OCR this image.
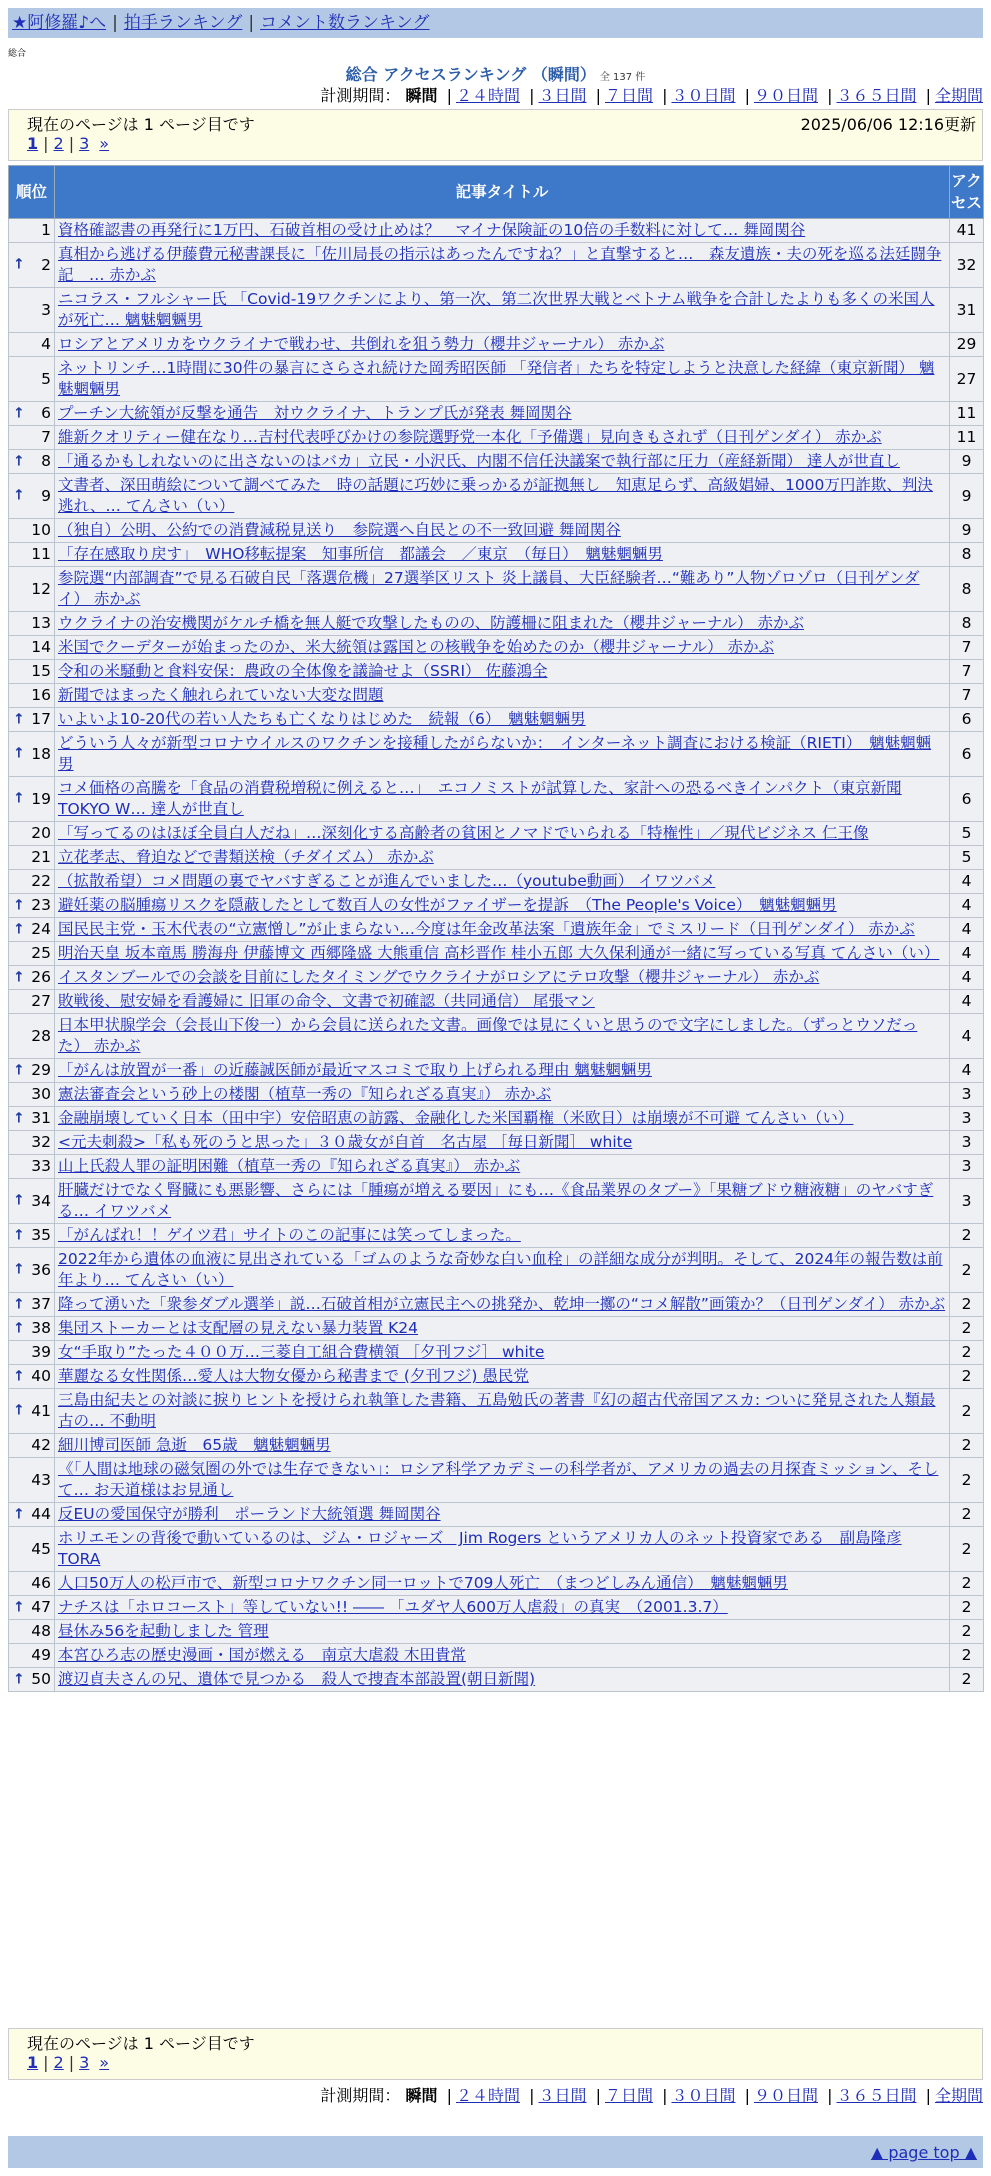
★阿修羅♪へ | 拍手ランキング | コメント数ランキング
総合
総合 アクセスランキング （瞬間） 全 137 件
計測期間： 瞬間 | ２４時間 | ３日間 | ７日間 | ３０日間 | ９０日間 | ３６５日間 | 全期間
現在のページは 1 ページ目です	2025/06/06 12:16更新
1 | 2 | 3 »
順位	記事タイトル	アクセス
1	資格確認書の再発行に1万円、石破首相の受け止めは？　マイナ保険証の10倍の手数料に対して… 舞岡関谷	41

↑ 2	真相から逃げる伊藤費元秘書課長に「佐川局長の指示はあったんですね？」と直撃すると…　森友遺族・夫の死を巡る法廷闘争記　… 赤かぶ	32
3	ニコラス・フルシャー氏 「Covid-19ワクチンにより、第一次、第二次世界大戦とベトナム戦争を合計したよりも多くの米国人が死亡… 魑魅魍魎男	31
4	ロシアとアメリカをウクライナで戦わせ、共倒れを狙う勢力（櫻井ジャーナル） 赤かぶ	29
5	ネットリンチ…1時間に30件の暴言にさらされ続けた岡秀昭医師 「発信者」たちを特定しようと決意した経緯（東京新聞） 魑魅魍魎男	27

↑ 6	プーチン大統領が反撃を通告　対ウクライナ、トランプ氏が発表 舞岡関谷	11
7	維新クオリティー健在なり…吉村代表呼びかけの参院選野党一本化「予備選」見向きもされず（日刊ゲンダイ） 赤かぶ	11

↑ 8	「通るかもしれないのに出さないのはバカ」立民・小沢氏、内閣不信任決議案で執行部に圧力（産経新聞） 達人が世直し	9

↑ 9	文書者、深田萌絵について調べてみた　時の話題に巧妙に乗っかるが証拠無し　知恵足らず、高級娼婦、1000万円詐欺、判決逃れ、… てんさい（い）	9
10	（独自）公明、公約での消費減税見送り　参院選へ自民との不一致回避 舞岡関谷	9
11	「存在感取り戻す」　WHO移転提案　知事所信　都議会　／東京　（毎日）　魑魅魍魎男	8
12	参院選“内部調査”で見る石破自民「落選危機」27選挙区リスト 炎上議員、大臣経験者…“難あり”人物ゾロゾロ（日刊ゲンダイ） 赤かぶ	8
13	ウクライナの治安機関がケルチ橋を無人艇で攻撃したものの、防護柵に阻まれた（櫻井ジャーナル） 赤かぶ	8
14	米国でクーデターが始まったのか、米大統領は露国との核戦争を始めたのか（櫻井ジャーナル） 赤かぶ	7
15	令和の米騒動と食料安保：農政の全体像を議論せよ（SSRI） 佐藤鴻全	7
16	新聞ではまったく触れられていない大変な問題	7

↑ 17	いよいよ10-20代の若い人たちも亡くなりはじめた　続報（6）　魑魅魍魎男	6

↑ 18	どういう人々が新型コロナウイルスのワクチンを接種したがらないか：　インターネット調査における検証（RIETI）　魑魅魍魎男	6

↑ 19	コメ価格の高騰を「食品の消費税増税に例えると…」　エコノミストが試算した、家計への恐るべきインパクト（東京新聞 TOKYO W… 達人が世直し	6
20	「写ってるのはほぼ全員白人だね」…深刻化する高齢者の貧困とノマドでいられる「特権性」／現代ビジネス 仁王像	5
21	立花孝志、脅迫などで書類送検（チダイズム） 赤かぶ	5
22	（拡散希望）コメ問題の裏でヤバすぎることが進んでいました…（youtube動画） イワツバメ	4

↑ 23	避妊薬の脳腫瘍リスクを隠蔽したとして数百人の女性がファイザーを提訴　（The People's Voice）　魑魅魍魎男	4

↑ 24	国民民主党・玉木代表の“立憲憎し”が止まらない…今度は年金改革法案「遺族年金」でミスリード（日刊ゲンダイ） 赤かぶ	4
25	明治天皇 坂本竜馬 勝海舟 伊藤博文 西郷隆盛 大熊重信 高杉晋作 桂小五郎 大久保利通が一緒に写っている写真 てんさい（い）	4

↑ 26	イスタンブールでの会談を目前にしたタイミングでウクライナがロシアにテロ攻撃（櫻井ジャーナル） 赤かぶ	4
27	敗戦後、慰安婦を看護婦に 旧軍の命令、文書で初確認（共同通信） 尾張マン	4
28	日本甲状腺学会（会長山下俊一）から会員に送られた文書。画像では見にくいと思うので文字にしました。（ずっとウソだった） 赤かぶ	4

↑ 29	「がんは放置が一番」の近藤誠医師が最近マスコミで取り上げられる理由 魑魅魍魎男	4
30	憲法審査会という砂上の楼閣（植草一秀の『知られざる真実』） 赤かぶ	3

↑ 31	金融崩壊していく日本（田中宇）安倍昭恵の訪露、金融化した米国覇権（米欧日）は崩壊が不可避 てんさい（い）	3
32	<元夫刺殺>「私も死のうと思った」３０歳女が自首　名古屋 ［毎日新聞］ white	3
33	山上氏殺人罪の証明困難（植草一秀の『知られざる真実』） 赤かぶ	3

↑ 34	肝臓だけでなく腎臓にも悪影響、さらには「腫瘍が増える要因」にも…《食品業界のタブー》「果糖ブドウ糖液糖」のヤバすぎる… イワツバメ	3

↑ 35	「がんばれ！！ゲイツ君」サイトのこの記事には笑ってしまった。	2

↑ 36	2022年から遺体の血液に見出されている「ゴムのような奇妙な白い血栓」の詳細な成分が判明。そして、2024年の報告数は前年より… てんさい（い）	2

↑ 37	降って湧いた「衆参ダブル選挙」説…石破首相が立憲民主への挑発か、乾坤一擲の“コメ解散”画策か？（日刊ゲンダイ） 赤かぶ	2

↑ 38	集団ストーカーとは支配層の見えない暴力装置 K24	2
39	女“手取り”たった４００万…三菱自工組合費横領 ［夕刊フジ］ white	2

↑ 40	華麗なる女性関係…愛人は大物女優から秘書まで (夕刊フジ) 愚民党	2

↑ 41	三島由紀夫との対談に捩りヒントを授けられ執筆した書籍、五島勉氏の著書『幻の超古代帝国アスカ: ついに発見された人類最古の… 不動明	2
42	細川博司医師 急逝　65歳　魑魅魍魎男	2
43	《「人間は地球の磁気圏の外では生存できない」：ロシア科学アカデミーの科学者が、アメリカの過去の月探査ミッション、そして… お天道様はお見通し	2

↑ 44	反EUの愛国保守が勝利　ポーランド大統領選 舞岡関谷	2
45	ホリエモンの背後で動いているのは、ジム・ロジャーズ　Jim Rogers というアメリカ人のネット投資家である　副島隆彦 TORA	2
46	人口50万人の松戸市で、新型コロナワクチン同一ロットで709人死亡　（まつどしみん通信）　魑魅魍魎男	2

↑ 47	ナチスは「ホロコースト」等していない!! ―― 「ユダヤ人600万人虐殺」の真実　（2001.3.7）	2
48	昼休み56を起動しました 管理	2
49	本宮ひろ志の歴史漫画・国が燃える　南京大虐殺 木田貴常	2

↑ 50	渡辺貞夫さんの兄、遺体で見つかる　殺人で捜査本部設置(朝日新聞)	2
現在のページは 1 ページ目です
1 | 2 | 3 »
計測期間： 瞬間 | ２４時間 | ３日間 | ７日間 | ３０日間 | ９０日間 | ３６５日間 | 全期間
▲ page top ▲
